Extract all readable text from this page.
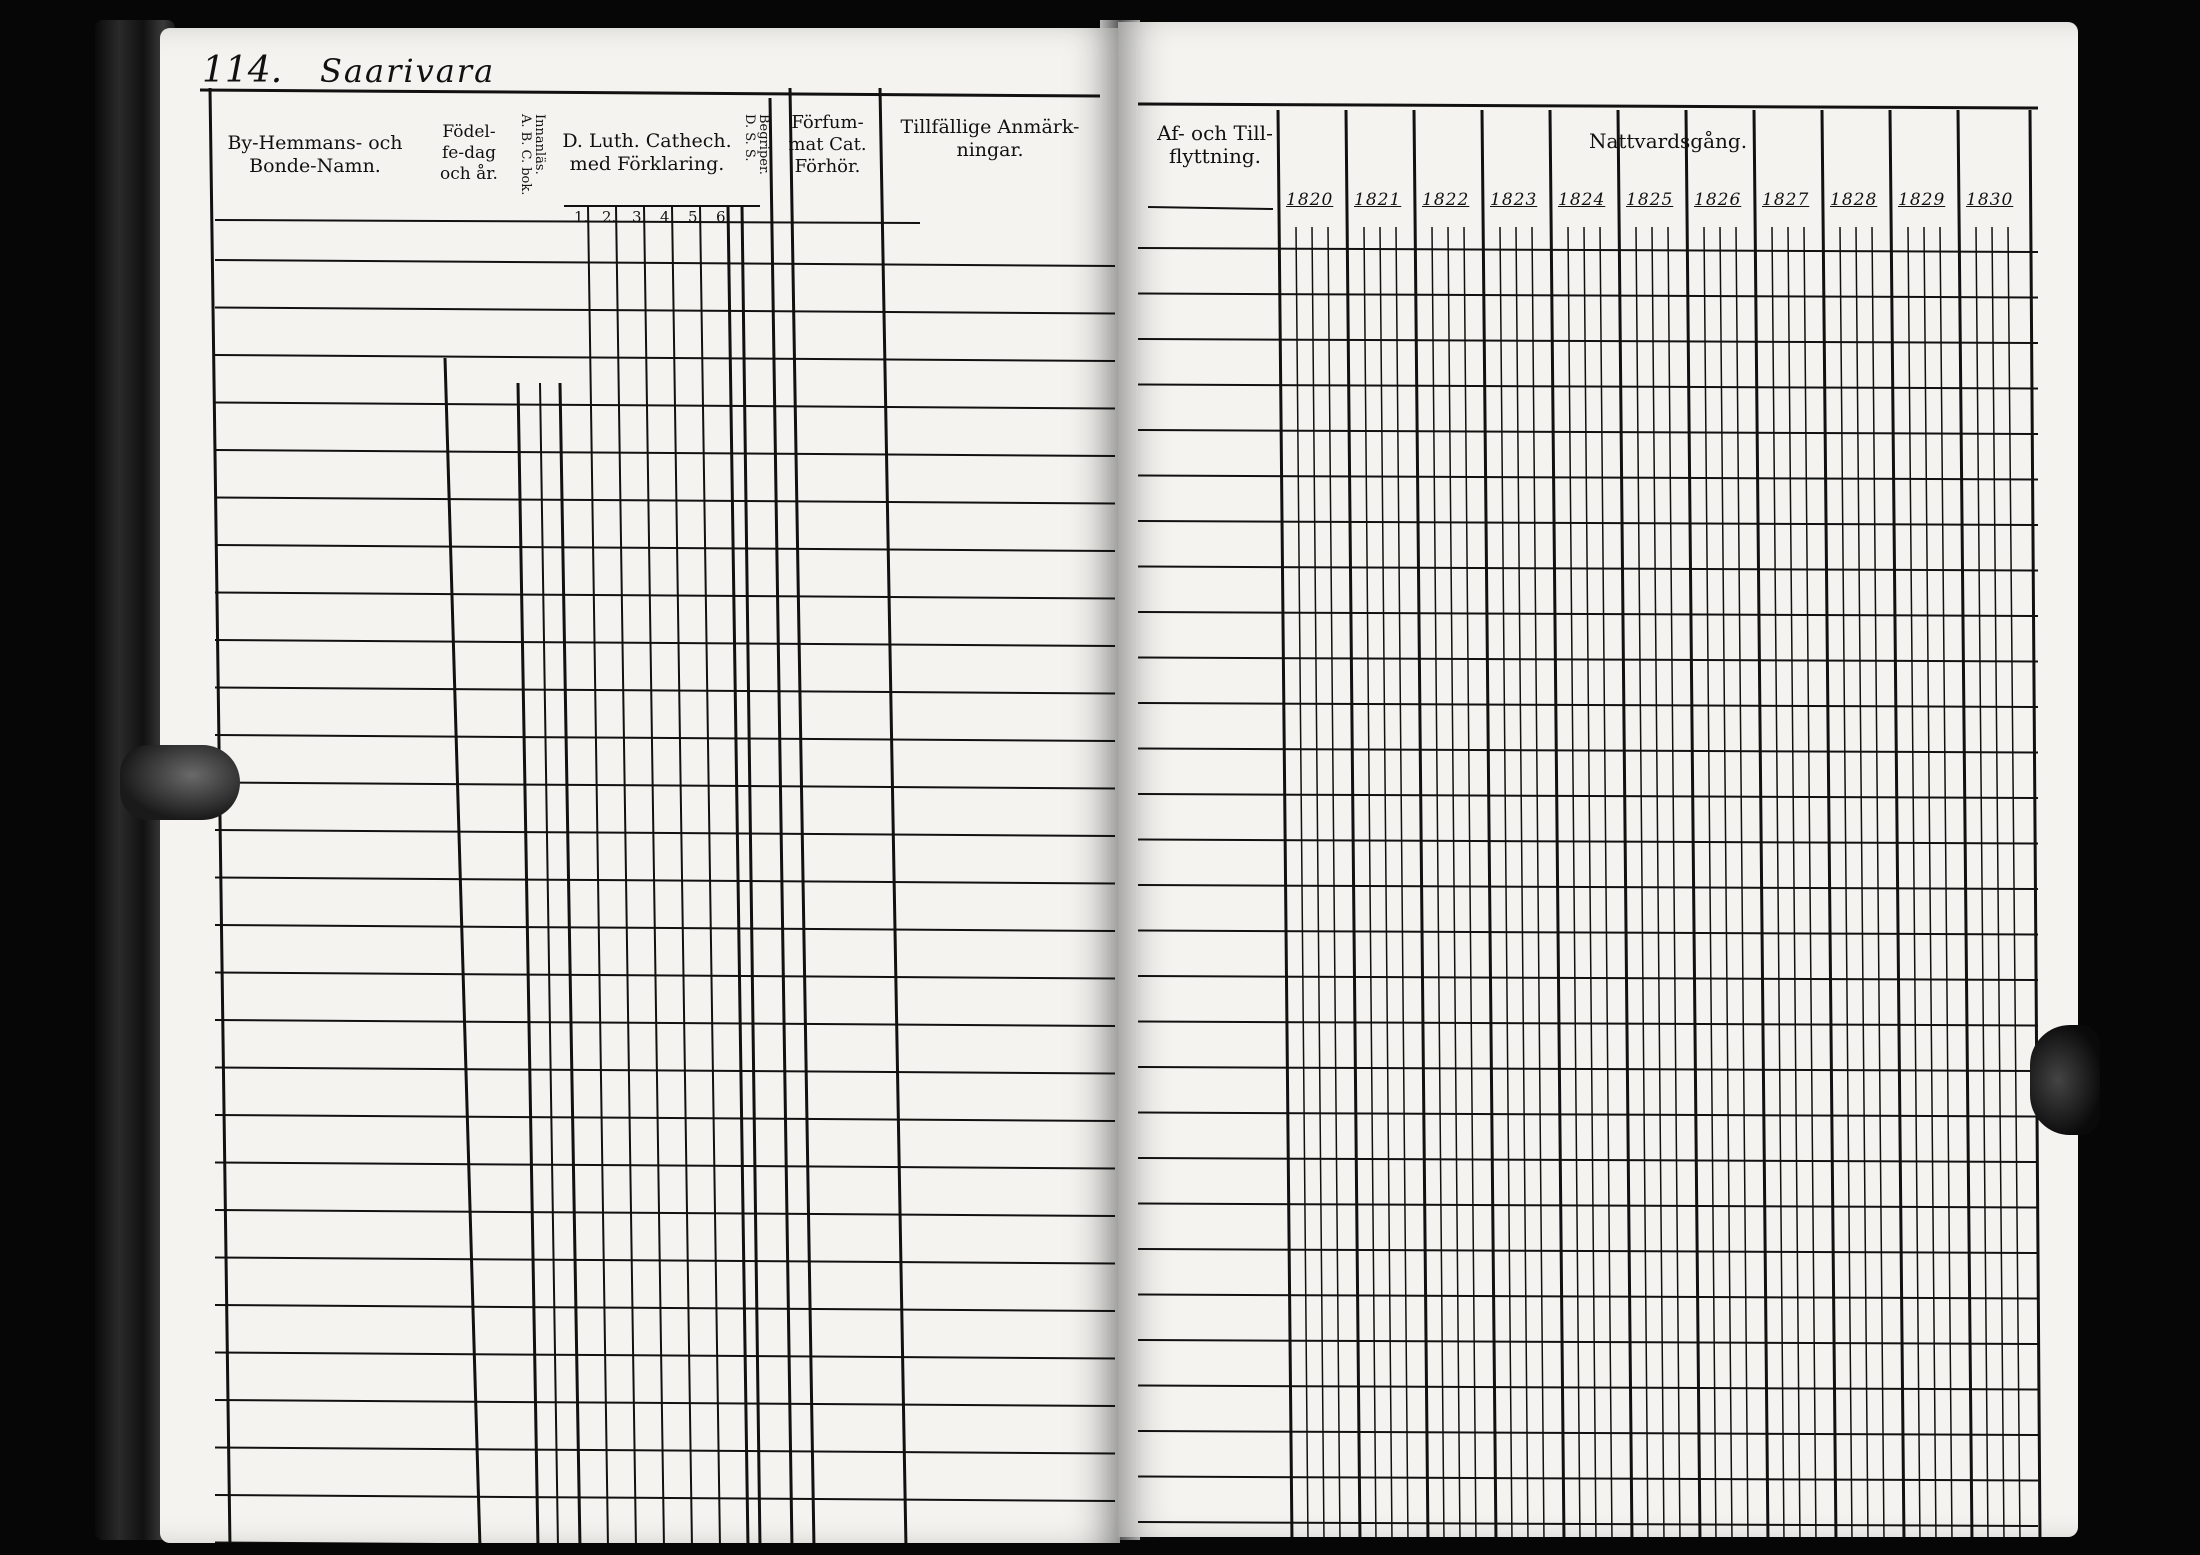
114. Saarivara
By-Hemmans- och Bonde-Namn.
Födel-fe-dag och år. A. B. C. bok. Innanläs. D. Luth. Cathech. med Förklaring.
D. S. S. Begriper.	Förfum-mat Cat. Förhör.
Tillfällige Anmärk-ningar.
1. 2. 3. 4. 5. 6.
Af- och Till-flyttning.
Nattvardsgång.
1820 1821 1822 1823 1824 1825 1826 1827 1828 1829 1830
